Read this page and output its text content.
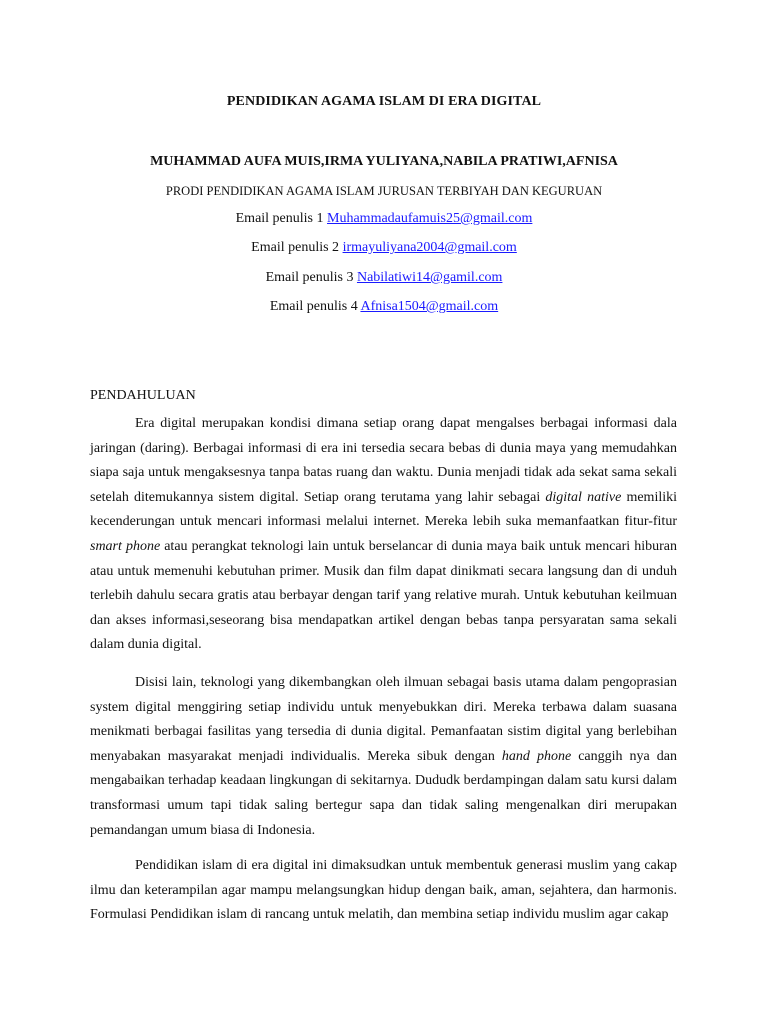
PENDIDIKAN AGAMA ISLAM DI ERA DIGITAL
MUHAMMAD AUFA MUIS,IRMA YULIYANA,NABILA PRATIWI,AFNISA
PRODI PENDIDIKAN AGAMA ISLAM JURUSAN TERBIYAH DAN KEGURUAN
Email penulis 1 Muhammadaufamuis25@gmail.com
Email penulis 2 irmayuliyana2004@gmail.com
Email penulis 3 Nabilatiwi14@gamil.com
Email penulis 4 Afnisa1504@gmail.com
PENDAHULUAN

Era digital merupakan kondisi dimana setiap orang dapat mengalses berbagai informasi dala jaringan (daring). Berbagai informasi di era ini tersedia secara bebas di dunia maya yang memudahkan siapa saja untuk mengaksesnya tanpa batas ruang dan waktu. Dunia menjadi tidak ada sekat sama sekali setelah ditemukannya sistem digital. Setiap orang terutama yang lahir sebagai digital native memiliki kecenderungan untuk mencari informasi melalui internet. Mereka lebih suka memanfaatkan fitur-fitur smart phone atau perangkat teknologi lain untuk berselancar di dunia maya baik untuk mencari hiburan atau untuk memenuhi kebutuhan primer. Musik dan film dapat dinikmati secara langsung dan di unduh terlebih dahulu secara gratis atau berbayar dengan tarif yang relative murah. Untuk kebutuhan keilmuan dan akses informasi,seseorang bisa mendapatkan artikel dengan bebas tanpa persyaratan sama sekali dalam dunia digital.

Disisi lain, teknologi yang dikembangkan oleh ilmuan sebagai basis utama dalam pengoprasian system digital menggiring setiap individu untuk menyebukkan diri. Mereka terbawa dalam suasana menikmati berbagai fasilitas yang tersedia di dunia digital. Pemanfaatan sistim digital yang berlebihan menyabakan masyarakat menjadi individualis. Mereka sibuk dengan hand phone canggih nya dan mengabaikan terhadap keadaan lingkungan di sekitarnya. Dududk berdampingan dalam satu kursi dalam transformasi umum tapi tidak saling bertegur sapa dan tidak saling mengenalkan diri merupakan pemandangan umum biasa di Indonesia.

Pendidikan islam di era digital ini dimaksudkan untuk membentuk generasi muslim yang cakap ilmu dan keterampilan agar mampu melangsungkan hidup dengan baik, aman, sejahtera, dan harmonis. Formulasi Pendidikan islam di rancang untuk melatih, dan membina setiap individu muslim agar cakap
